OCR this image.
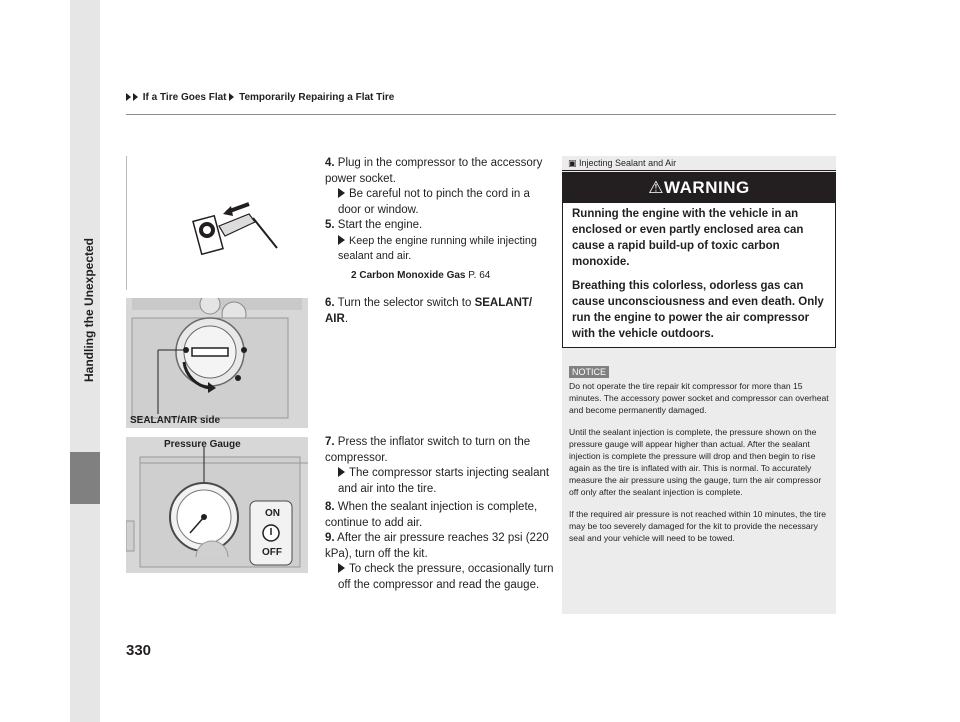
Handling the Unexpected
If a Tire Goes Flat Temporarily Repairing a Flat Tire
SEALANT/AIR side
Pressure Gauge
ON
OFF
4. Plug in the compressor to the accessory power socket.
Be careful not to pinch the cord in a door or window.
5. Start the engine.
Keep the engine running while injecting sealant and air.
2 Carbon Monoxide Gas P. 64
6. Turn the selector switch to SEALANT/ AIR.
7. Press the inflator switch to turn on the compressor.
The compressor starts injecting sealant and air into the tire.
8. When the sealant injection is complete, continue to add air.
9. After the air pressure reaches 32 psi (220 kPa), turn off the kit.
To check the pressure, occasionally turn off the compressor and read the gauge.
▣ Injecting Sealant and Air
⚠WARNING

Running the engine with the vehicle in an enclosed or even partly enclosed area can cause a rapid build-up of toxic carbon monoxide.

Breathing this colorless, odorless gas can cause unconsciousness and even death. Only run the engine to power the air compressor with the vehicle outdoors.

NOTICE

Do not operate the tire repair kit compressor for more than 15 minutes. The accessory power socket and compressor can overheat and become permanently damaged.

Until the sealant injection is complete, the pressure shown on the pressure gauge will appear higher than actual. After the sealant injection is complete the pressure will drop and then begin to rise again as the tire is inflated with air. This is normal. To accurately measure the air pressure using the gauge, turn the air compressor off only after the sealant injection is complete.

If the required air pressure is not reached within 10 minutes, the tire may be too severely damaged for the kit to provide the necessary seal and your vehicle will need to be towed.

330
